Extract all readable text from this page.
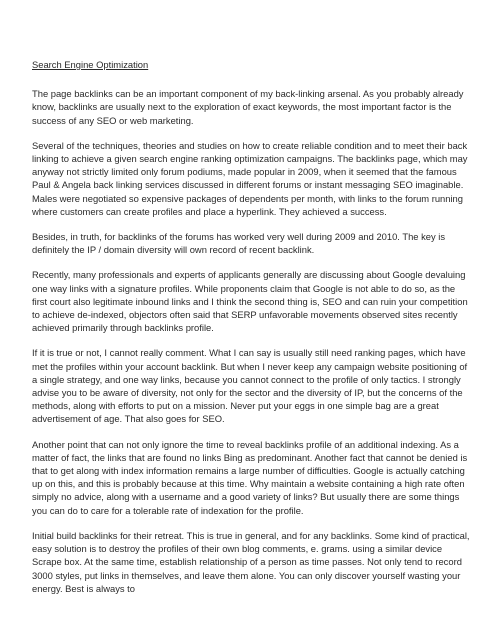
Search Engine Optimization

The page backlinks can be an important component of my back-linking arsenal. As you probably already know, backlinks are usually next to the exploration of exact keywords, the most important factor is the success of any SEO or web marketing.

Several of the techniques, theories and studies on how to create reliable condition and to meet their back linking to achieve a given search engine ranking optimization campaigns. The backlinks page, which may anyway not strictly limited only forum podiums, made popular in 2009, when it seemed that the famous Paul & Angela back linking services discussed in different forums or instant messaging SEO imaginable. Males were negotiated so expensive packages of dependents per month, with links to the forum running where customers can create profiles and place a hyperlink. They achieved a success.

Besides, in truth, for backlinks of the forums has worked very well during 2009 and 2010. The key is definitely the IP / domain diversity will own record of recent backlink.

Recently, many professionals and experts of applicants generally are discussing about Google devaluing one way links with a signature profiles. While proponents claim that Google is not able to do so, as the first court also legitimate inbound links and I think the second thing is, SEO and can ruin your competition to achieve de-indexed, objectors often said that SERP unfavorable movements observed sites recently achieved primarily through backlinks profile.

If it is true or not, I cannot really comment. What I can say is usually still need ranking pages, which have met the profiles within your account backlink. But when I never keep any campaign website positioning of a single strategy, and one way links, because you cannot connect to the profile of only tactics. I strongly advise you to be aware of diversity, not only for the sector and the diversity of IP, but the concerns of the methods, along with efforts to put on a mission. Never put your eggs in one simple bag are a great advertisement of age. That also goes for SEO.

Another point that can not only ignore the time to reveal backlinks profile of an additional indexing. As a matter of fact, the links that are found no links Bing as predominant. Another fact that cannot be denied is that to get along with index information remains a large number of difficulties. Google is actually catching up on this, and this is probably because at this time. Why maintain a website containing a high rate often simply no advice, along with a username and a good variety of links? But usually there are some things you can do to care for a tolerable rate of indexation for the profile.

Initial build backlinks for their retreat. This is true in general, and for any backlinks. Some kind of practical, easy solution is to destroy the profiles of their own blog comments, e. grams. using a similar device Scrape box. At the same time, establish relationship of a person as time passes. Not only tend to record 3000 styles, put links in themselves, and leave them alone. You can only discover yourself wasting your energy. Best is always to
